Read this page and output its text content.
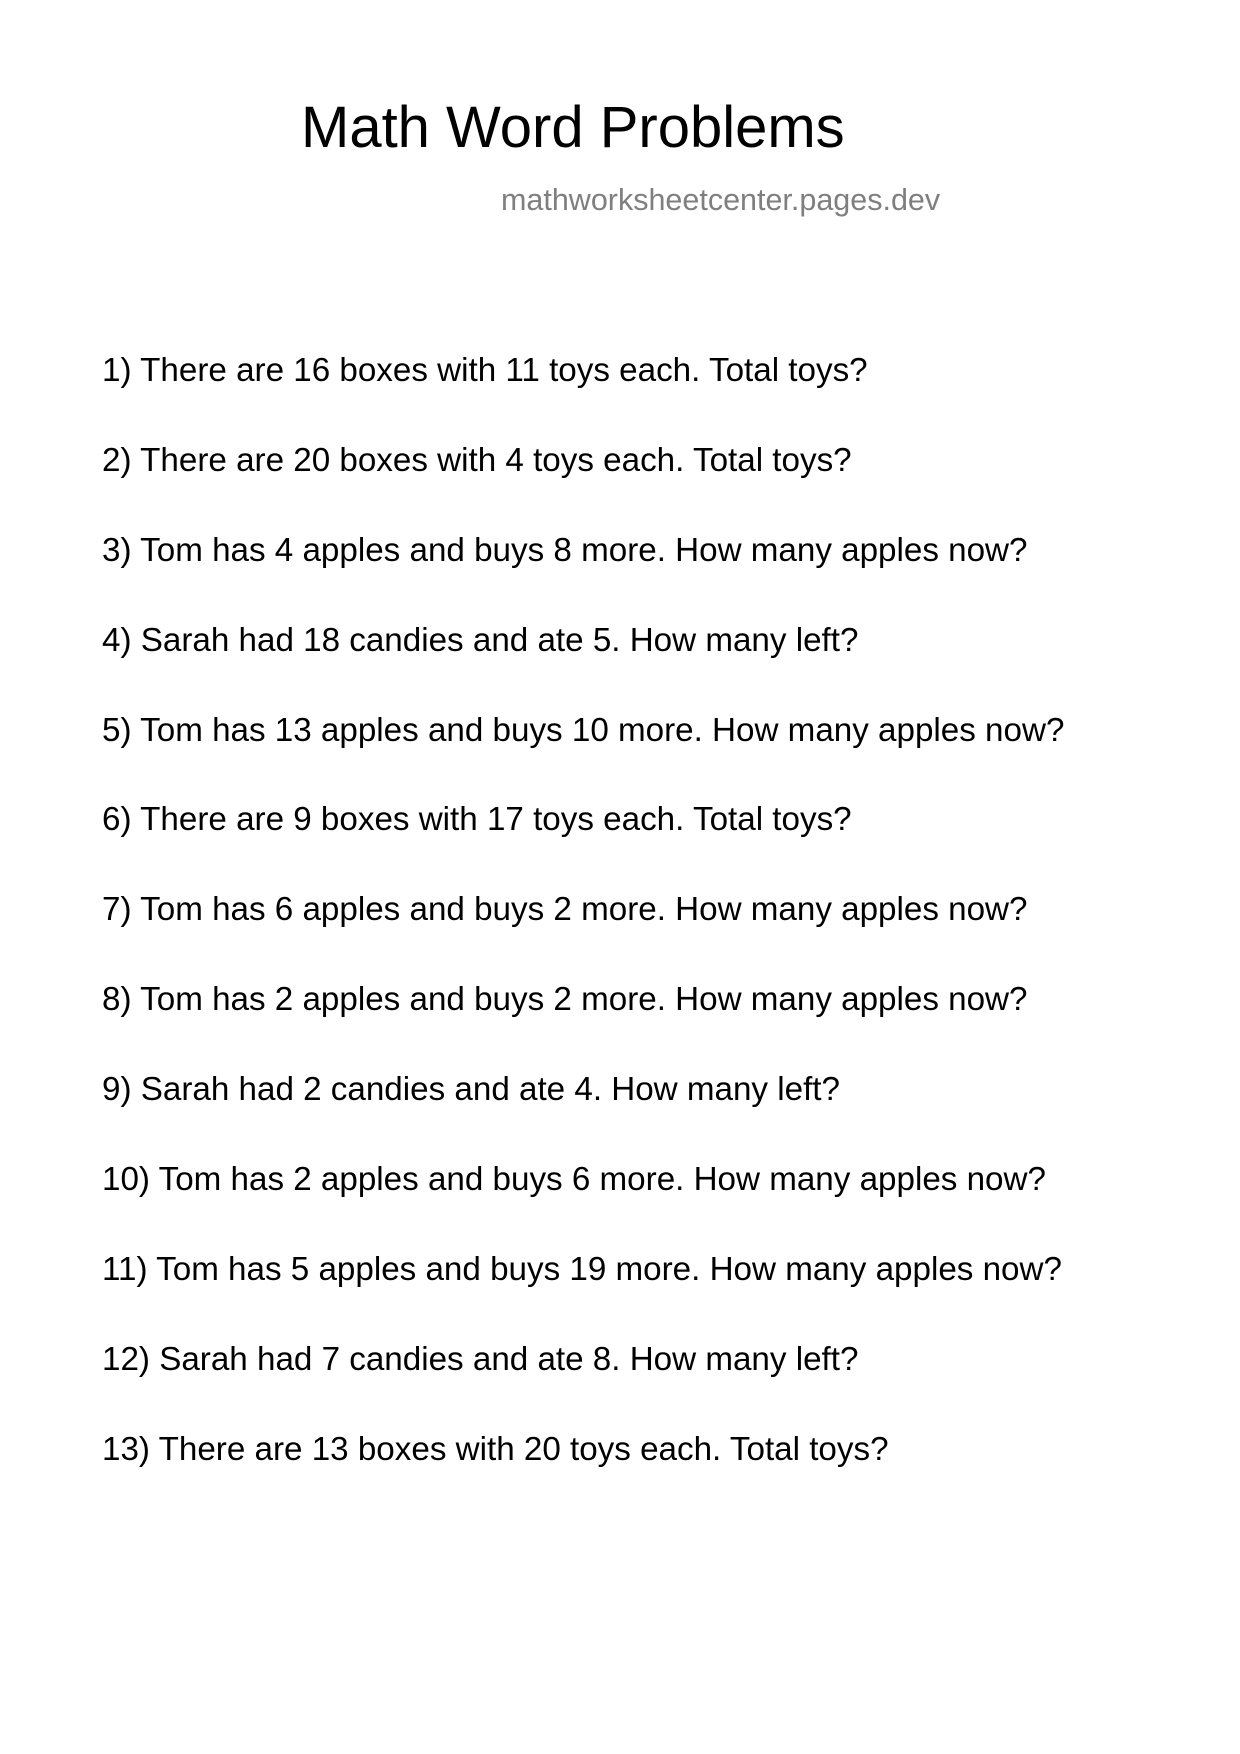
Math Word Problems
mathworksheetcenter.pages.dev
1 ) There are 16 boxes with 11 toys each. Total toys?
2 ) There are 20 boxes with 4 toys each. Total toys?
3 ) Tom has 4 apples and buys 8 more. How many apples now?
4 ) Sarah had 18 candies and ate 5. How many left?
5 ) Tom has 13 apples and buys 10 more. How many apples now?
6 ) There are 9 boxes with 17 toys each. Total toys?
7 ) Tom has 6 apples and buys 2 more. How many apples now?
8 ) Tom has 2 apples and buys 2 more. How many apples now?
9 ) Sarah had 2 candies and ate 4. How many left?
10 ) Tom has 2 apples and buys 6 more. How many apples now?
11 ) Tom has 5 apples and buys 19 more. How many apples now?
12 ) Sarah had 7 candies and ate 8. How many left?
13 ) There are 13 boxes with 20 toys each. Total toys?
